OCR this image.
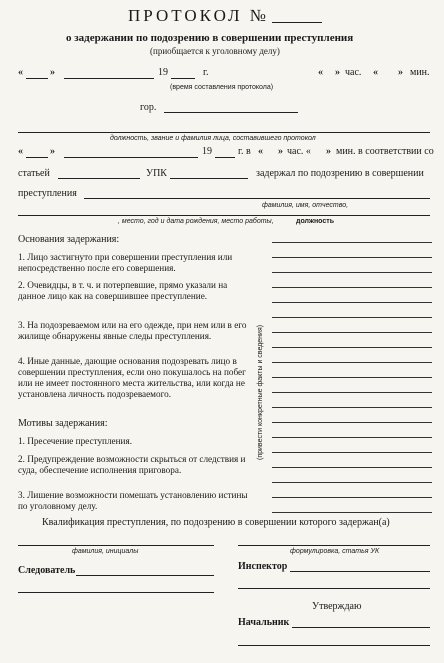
ПРОТОКОЛ №
о задержании по подозрению в совершении преступления
(приобщается к уголовному делу)
«	»	19	г.	« » час. « » мин.
(время составления протокола)
гор.
должность, звание и фамилия лица, составившего протокол
«	»	19	г. в « » час. « » мин. в соответствии со
статьей	УПК	задержал по подозрению в совершении
преступления
фамилия, имя, отчество,
, место, год и дата рождения, место работы,	должность
Основания задержания:
1. Лицо застигнуто при совершении преступления или непосредственно после его совершения.
2. Очевидцы, в т. ч. и потерпевшие, прямо указали на данное лицо как на совершившее преступление.
3. На подозреваемом или на его одежде, при нем или в его жилище обнаружены явные следы преступления.
4. Иные данные, дающие основания подозревать лицо в совершении преступления, если оно покушалось на побег или не имеет постоянного места жительства, или когда не установлена личность подозреваемого.
Мотивы задержания:
1. Пресечение преступления.
2. Предупреждение возможности скрыться от следствия и суда, обеспечение исполнения приговора.
3. Лишение возможности помешать установлению истины по уголовному делу.
(привести конкретные факты и сведения)
Квалификация преступления, по подозрению в совершении которого задержан(а)
фамилия, инициалы	формулировка, статья УК
Следователь	Инспектор
Утверждаю
Начальник
